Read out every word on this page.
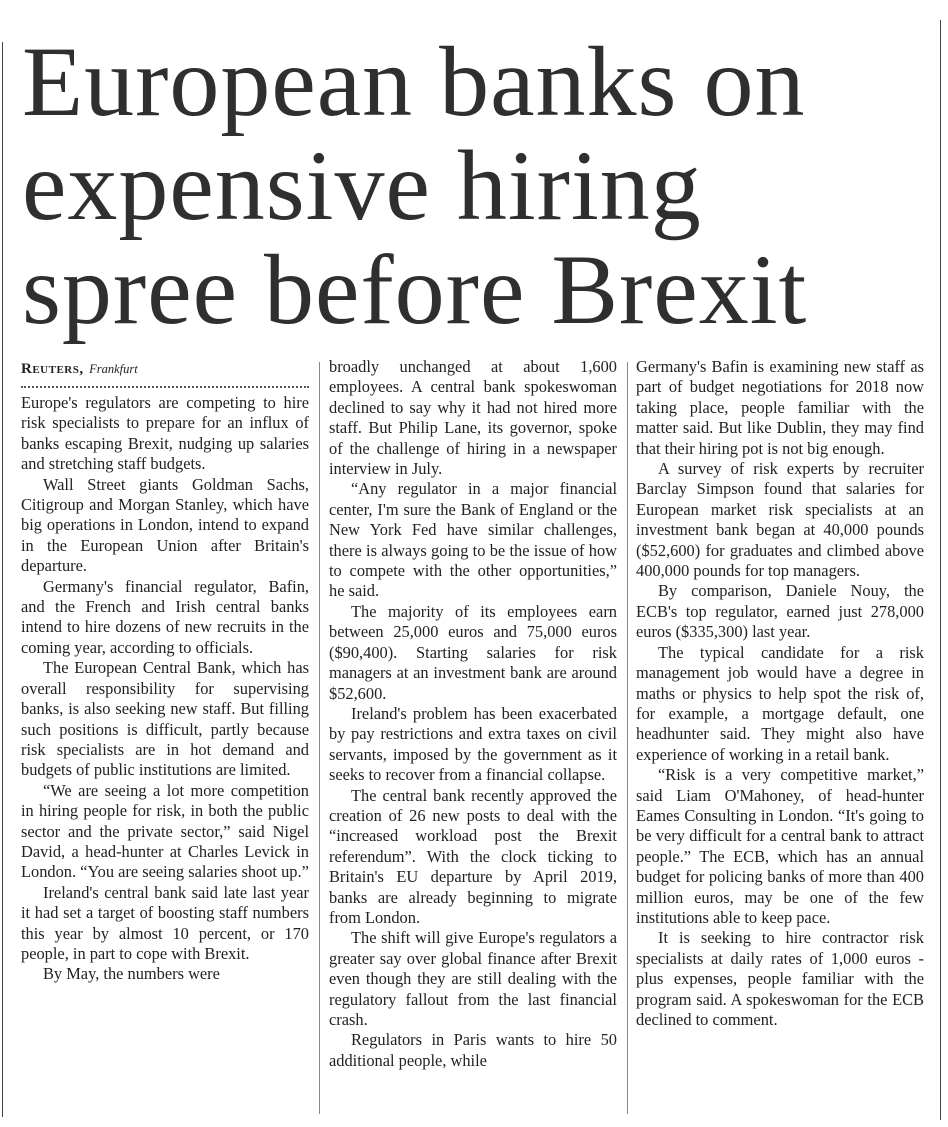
European banks on expensive hiring spree before Brexit
Reuters, Frankfurt

Europe's regulators are competing to hire risk specialists to prepare for an influx of banks escaping Brexit, nudging up salaries and stretching staff budgets.

Wall Street giants Goldman Sachs, Citigroup and Morgan Stanley, which have big operations in London, intend to expand in the European Union after Britain's departure.

Germany's financial regulator, Bafin, and the French and Irish central banks intend to hire dozens of new recruits in the coming year, according to officials.

The European Central Bank, which has overall responsibility for supervising banks, is also seeking new staff. But filling such positions is difficult, partly because risk specialists are in hot demand and budgets of public institutions are limited.

“We are seeing a lot more competition in hiring people for risk, in both the public sector and the private sector,” said Nigel David, a head-hunter at Charles Levick in London. “You are seeing salaries shoot up.”

Ireland's central bank said late last year it had set a target of boosting staff numbers this year by almost 10 percent, or 170 people, in part to cope with Brexit.

By May, the numbers were

broadly unchanged at about 1,600 employees. A central bank spokeswoman declined to say why it had not hired more staff. But Philip Lane, its governor, spoke of the challenge of hiring in a newspaper interview in July.

“Any regulator in a major financial center, I'm sure the Bank of England or the New York Fed have similar challenges, there is always going to be the issue of how to compete with the other opportunities,” he said.

The majority of its employees earn between 25,000 euros and 75,000 euros ($90,400). Starting salaries for risk managers at an investment bank are around $52,600.

Ireland's problem has been exacerbated by pay restrictions and extra taxes on civil servants, imposed by the government as it seeks to recover from a financial collapse.

The central bank recently approved the creation of 26 new posts to deal with the “increased workload post the Brexit referendum”. With the clock ticking to Britain's EU departure by April 2019, banks are already beginning to migrate from London.

The shift will give Europe's regulators a greater say over global finance after Brexit even though they are still dealing with the regulatory fallout from the last financial crash.

Regulators in Paris wants to hire 50 additional people, while

Germany's Bafin is examining new staff as part of budget negotiations for 2018 now taking place, people familiar with the matter said. But like Dublin, they may find that their hiring pot is not big enough.

A survey of risk experts by recruiter Barclay Simpson found that salaries for European market risk specialists at an investment bank began at 40,000 pounds ($52,600) for graduates and climbed above 400,000 pounds for top managers.

By comparison, Daniele Nouy, the ECB's top regulator, earned just 278,000 euros ($335,300) last year.

The typical candidate for a risk management job would have a degree in maths or physics to help spot the risk of, for example, a mortgage default, one headhunter said. They might also have experience of working in a retail bank.

“Risk is a very competitive market,” said Liam O'Mahoney, of head-hunter Eames Consulting in London. “It's going to be very difficult for a central bank to attract people.” The ECB, which has an annual budget for policing banks of more than 400 million euros, may be one of the few institutions able to keep pace.

It is seeking to hire contractor risk specialists at daily rates of 1,000 euros - plus expenses, people familiar with the program said. A spokeswoman for the ECB declined to comment.
